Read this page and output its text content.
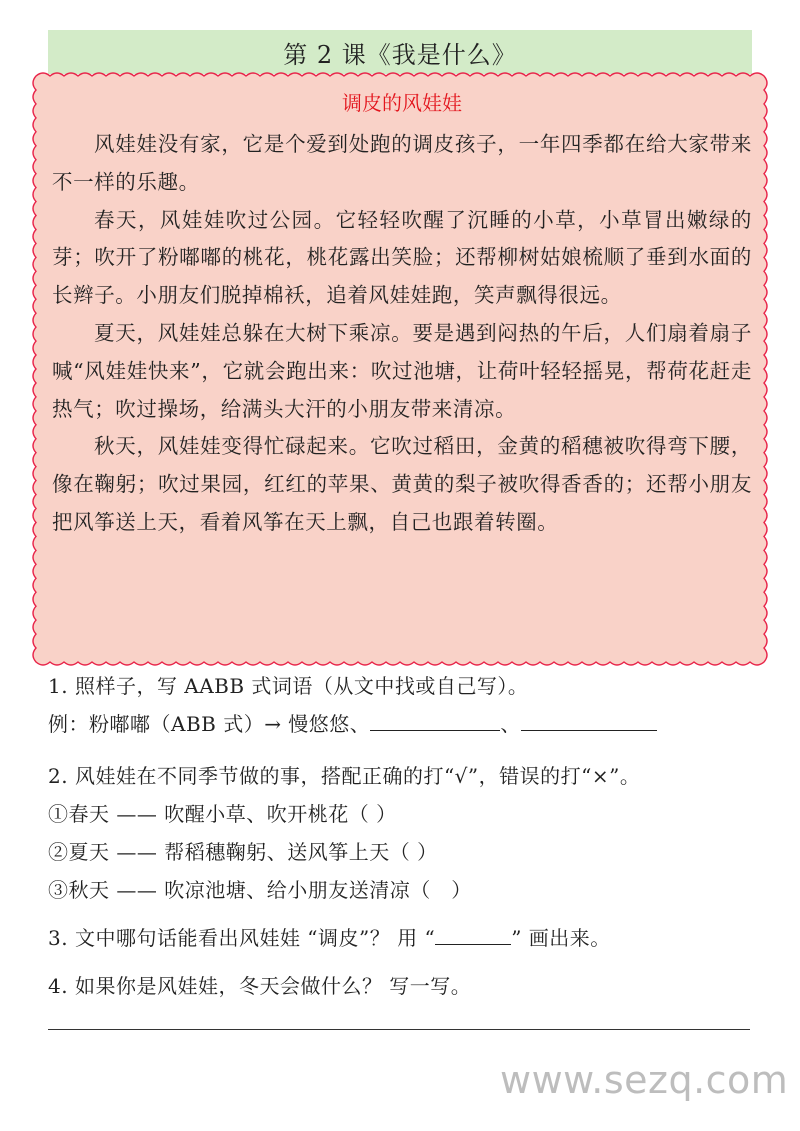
第 2 课《我是什么》
调皮的风娃娃

风娃娃没有家，它是个爱到处跑的调皮孩子，一年四季都在给大家带来不一样的乐趣。

春天，风娃娃吹过公园。它轻轻吹醒了沉睡的小草，小草冒出嫩绿的芽；吹开了粉嘟嘟的桃花，桃花露出笑脸；还帮柳树姑娘梳顺了垂到水面的长辫子。小朋友们脱掉棉袄，追着风娃娃跑，笑声飘得很远。

夏天，风娃娃总躲在大树下乘凉。要是遇到闷热的午后，人们扇着扇子喊“风娃娃快来”，它就会跑出来：吹过池塘，让荷叶轻轻摇晃，帮荷花赶走热气；吹过操场，给满头大汗的小朋友带来清凉。

秋天，风娃娃变得忙碌起来。它吹过稻田，金黄的稻穗被吹得弯下腰，像在鞠躬；吹过果园，红红的苹果、黄黄的梨子被吹得香香的；还帮小朋友把风筝送上天，看着风筝在天上飘，自己也跟着转圈。

1. 照样子，写 AABB 式词语（从文中找或自己写）。
例：粉嘟嘟（ABB 式）→ 慢悠悠、	、
2. 风娃娃在不同季节做的事，搭配正确的打“√”，错误的打“×”。
①春天 —— 吹醒小草、吹开桃花（ ）
②夏天 —— 帮稻穗鞠躬、送风筝上天（ ）
③秋天 —— 吹凉池塘、给小朋友送清凉（　）
3. 文中哪句话能看出风娃娃 “调皮”？ 用 “	” 画出来。
4. 如果你是风娃娃，冬天会做什么？ 写一写。
www.sezq.com
